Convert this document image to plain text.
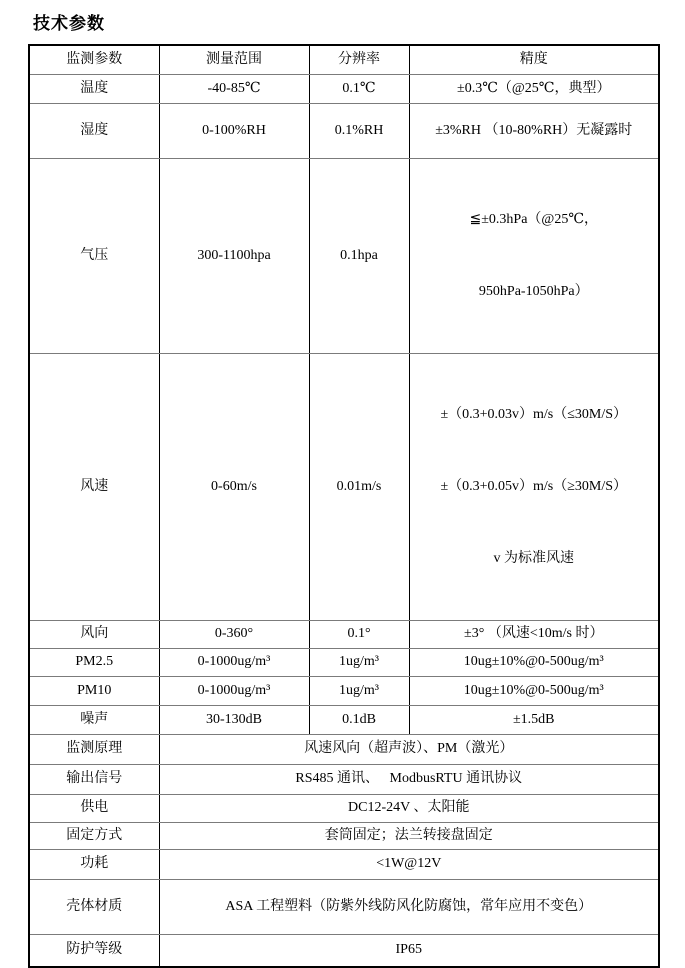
技术参数
监测参数	测量范围	分辨率	精度
温度	-40-85℃	0.1℃	±0.3℃（@25℃，典型）
湿度	0-100%RH	0.1%RH	±3%RH （10-80%RH）无凝露时
气压	300-1100hpa	0.1hpa	≦±0.3hPa（@25℃，

950hPa-1050hPa）

风速	0-60m/s	0.01m/s	±（0.3+0.03v）m/s（≤30M/S）

±（0.3+0.05v）m/s（≥30M/S）

v 为标准风速

风向	0-360°	0.1°	±3° （风速<10m/s 时）
PM2.5	0-1000ug/m³	1ug/m³	10ug±10%@0-500ug/m³
PM10	0-1000ug/m³	1ug/m³	10ug±10%@0-500ug/m³
噪声	30-130dB	0.1dB	±1.5dB
监测原理	风速风向（超声波）、PM（激光）		
输出信号	RS485 通讯、　 ModbusRTU 通讯协议		
供电	DC12-24V 、太阳能		
固定方式	套筒固定；法兰转接盘固定		
功耗	<1W@12V		
壳体材质	ASA 工程塑料（防紫外线防风化防腐蚀，常年应用不变色）		
防护等级	IP65		
